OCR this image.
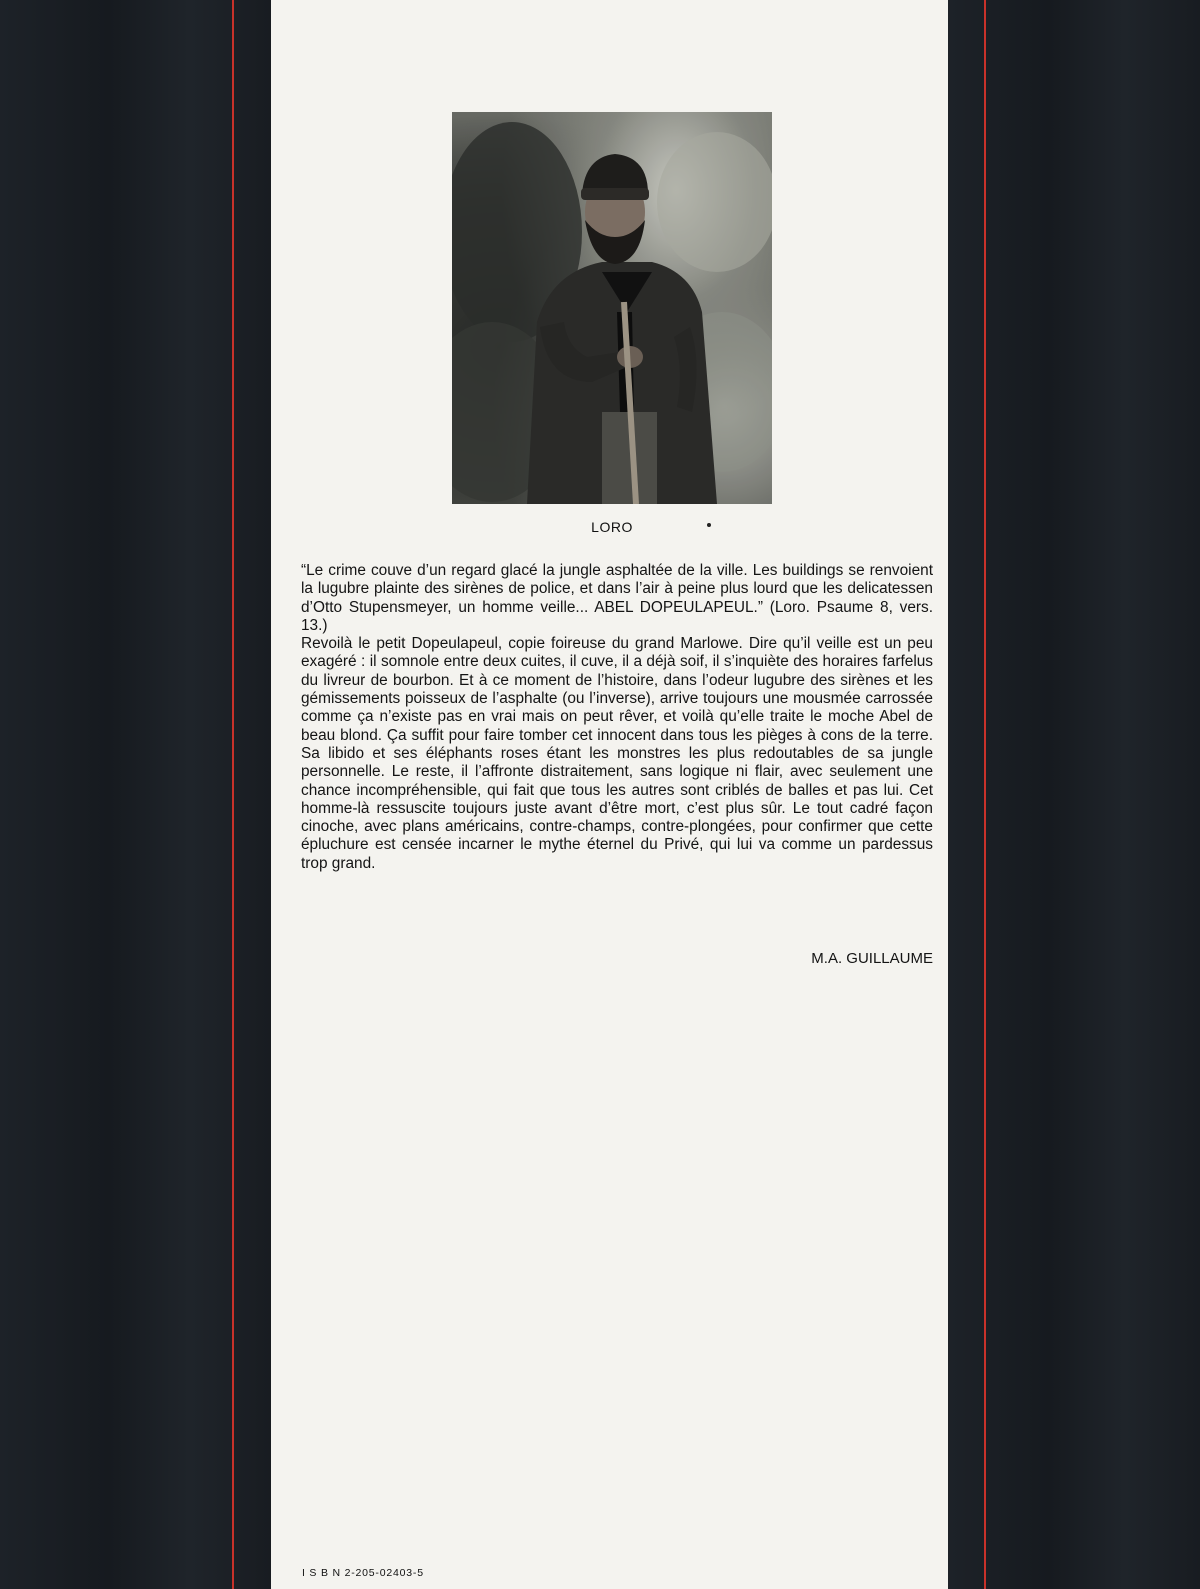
LORO

“Le crime couve d’un regard glacé la jungle asphaltée de la ville. Les buildings se renvoient la lugubre plainte des sirènes de police, et dans l’air à peine plus lourd que les delicatessen d’Otto Stupensmeyer, un homme veille... ABEL DOPEULAPEUL.” (Loro. Psaume 8, vers. 13.)

Revoilà le petit Dopeulapeul, copie foireuse du grand Marlowe. Dire qu’il veille est un peu exagéré : il somnole entre deux cuites, il cuve, il a déjà soif, il s’inquiète des horaires farfelus du livreur de bourbon. Et à ce moment de l’histoire, dans l’odeur lugubre des sirènes et les gémissements poisseux de l’asphalte (ou l’inverse), arrive toujours une mousmée carrossée comme ça n’existe pas en vrai mais on peut rêver, et voilà qu’elle traite le moche Abel de beau blond. Ça suffit pour faire tomber cet innocent dans tous les pièges à cons de la terre. Sa libido et ses éléphants roses étant les monstres les plus redoutables de sa jungle personnelle. Le reste, il l’affronte distraitement, sans logique ni flair, avec seulement une chance incompréhensible, qui fait que tous les autres sont criblés de balles et pas lui. Cet homme-là ressuscite toujours juste avant d’être mort, c’est plus sûr. Le tout cadré façon cinoche, avec plans américains, contre-champs, contre-plongées, pour confirmer que cette épluchure est censée incarner le mythe éternel du Privé, qui lui va comme un pardessus trop grand.

M.A. GUILLAUME
I S B N 2-205-02403-5
